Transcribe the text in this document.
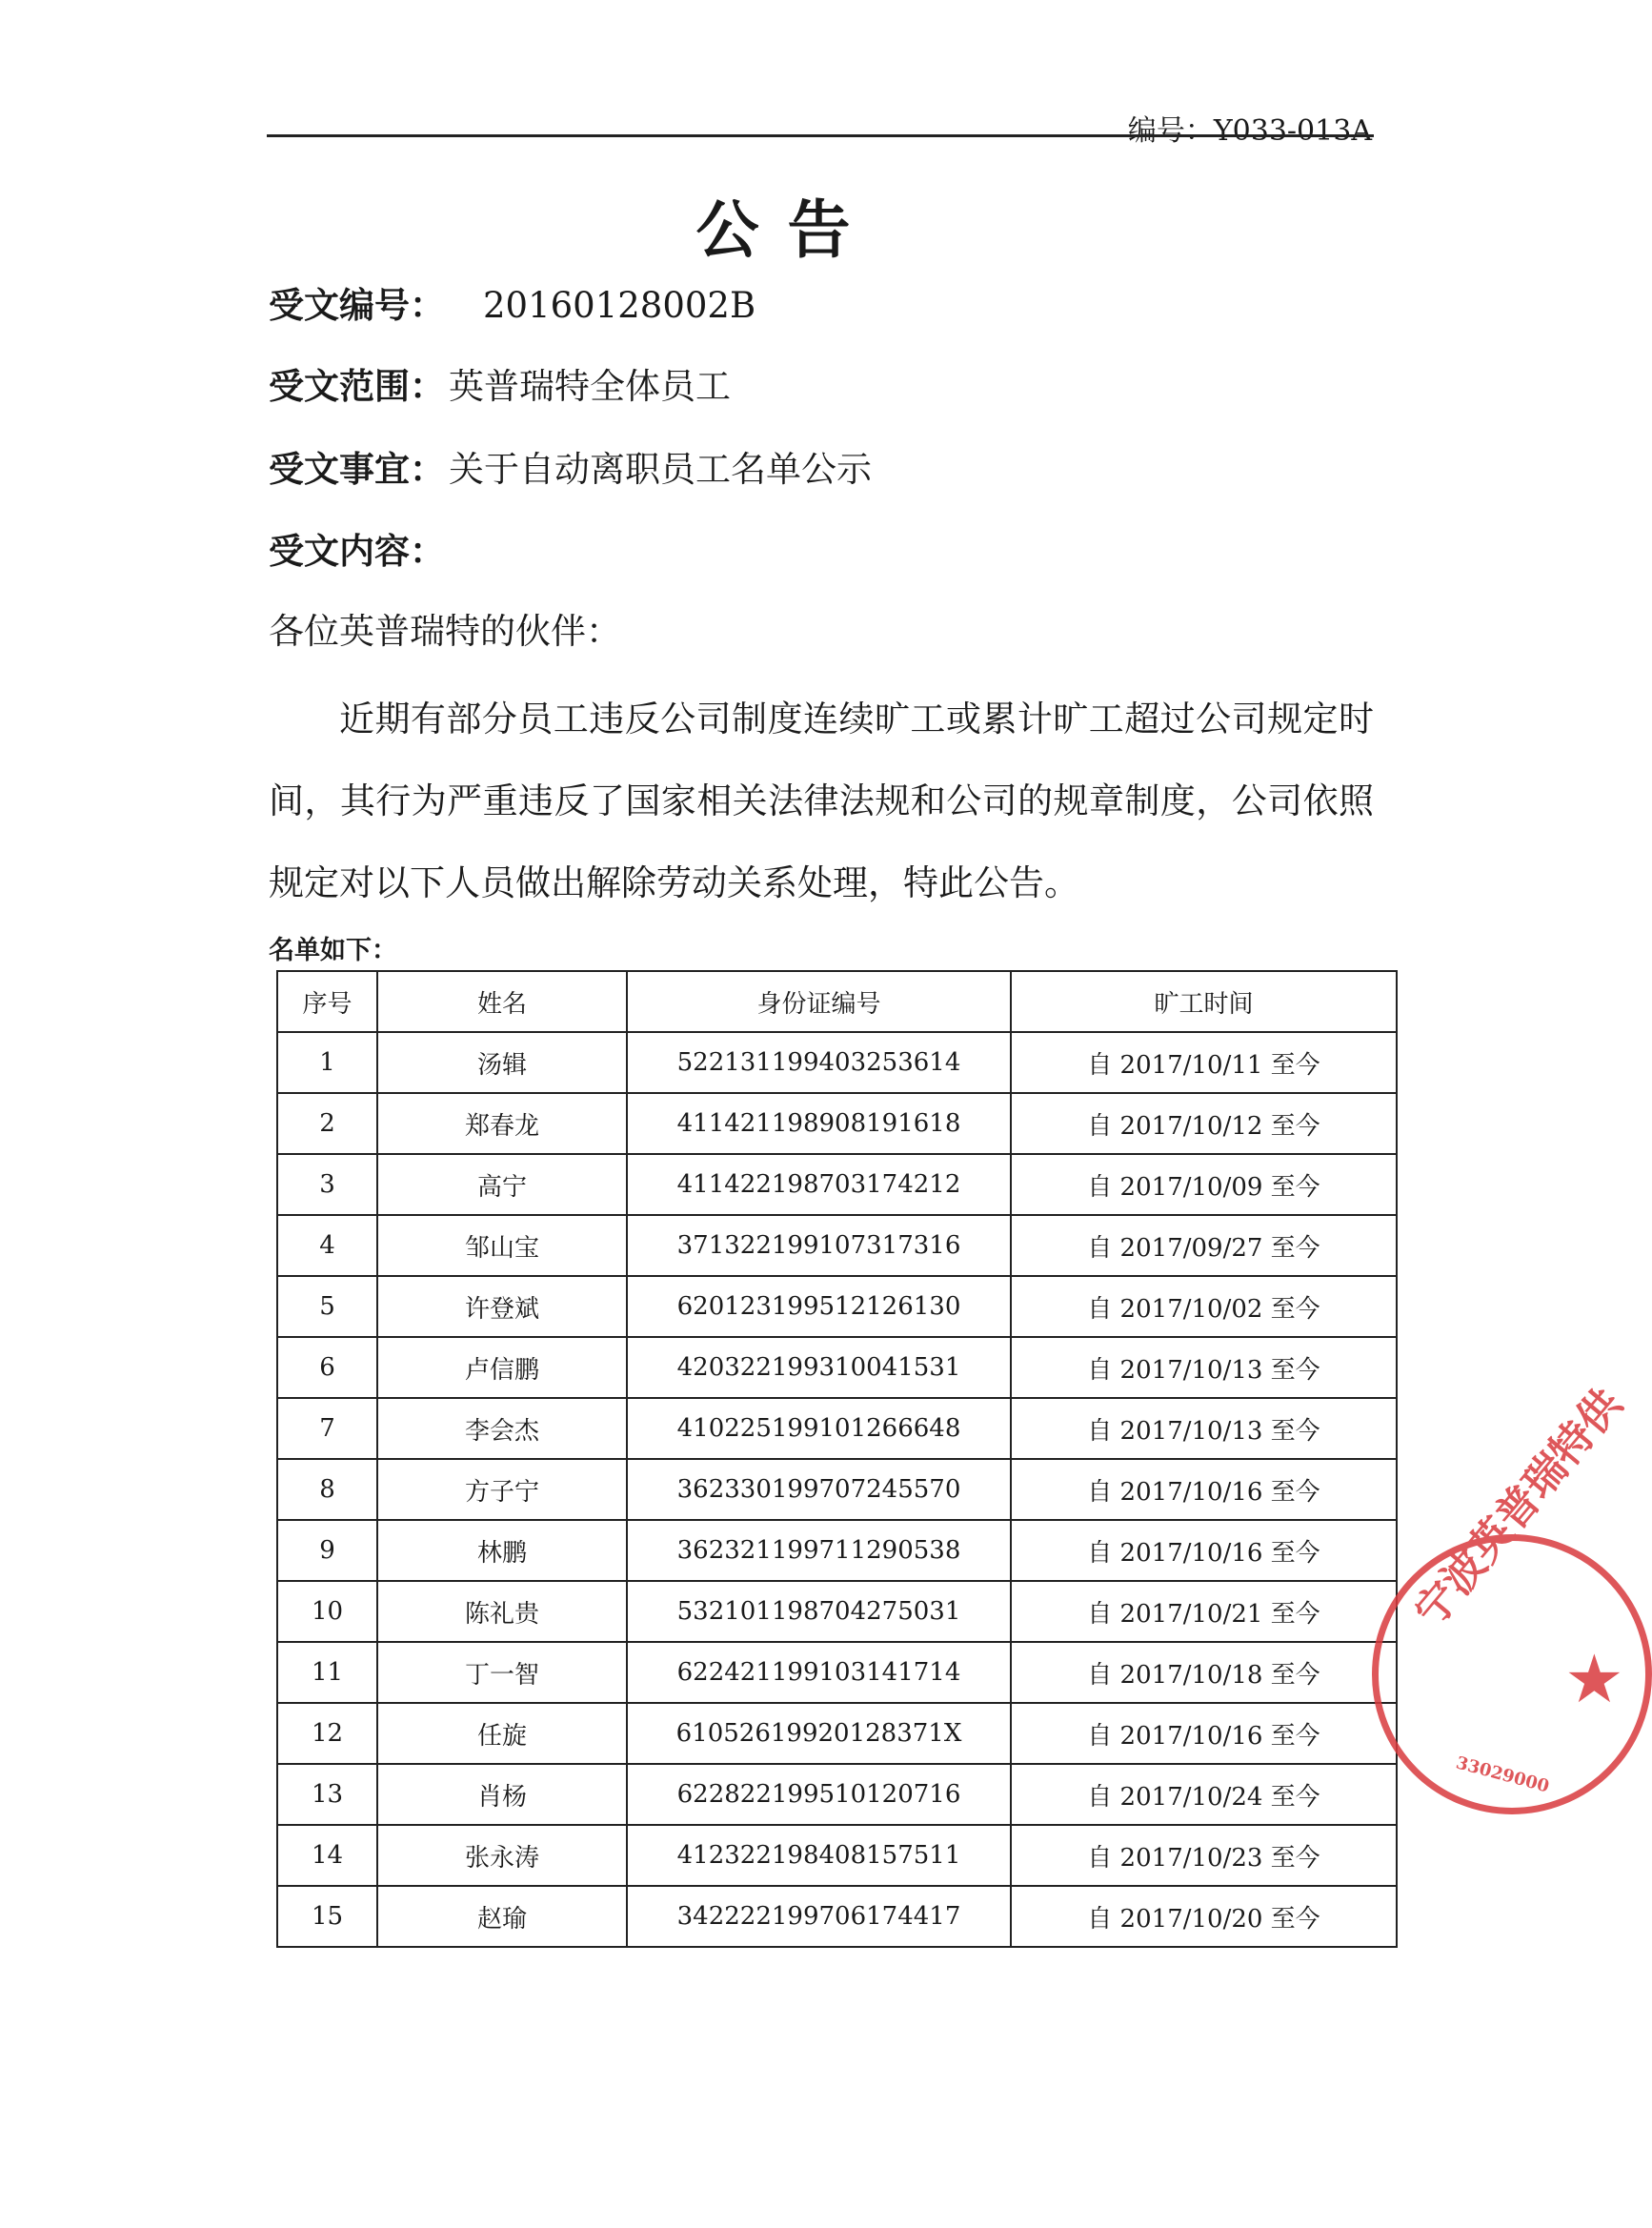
编号：Y033-013A
公告
受文编号： 20160128002B
受文范围： 英普瑞特全体员工
受文事宜： 关于自动离职员工名单公示
受文内容：
各位英普瑞特的伙伴：
近期有部分员工违反公司制度连续旷工或累计旷工超过公司规定时间，其行为严重违反了国家相关法律法规和公司的规章制度，公司依照规定对以下人员做出解除劳动关系处理，特此公告。
名单如下：
序号	姓名	身份证编号	旷工时间
1	汤辑	522131199403253614	自 2017/10/11 至今
2	郑春龙	411421198908191618	自 2017/10/12 至今
3	高宁	411422198703174212	自 2017/10/09 至今
4	邹山宝	371322199107317316	自 2017/09/27 至今
5	许登斌	620123199512126130	自 2017/10/02 至今
6	卢信鹏	420322199310041531	自 2017/10/13 至今
7	李会杰	410225199101266648	自 2017/10/13 至今
8	方子宁	362330199707245570	自 2017/10/16 至今
9	林鹏	362321199711290538	自 2017/10/16 至今
10	陈礼贵	532101198704275031	自 2017/10/21 至今
11	丁一智	622421199103141714	自 2017/10/18 至今
12	任旋	61052619920128371X	自 2017/10/16 至今
13	肖杨	622822199510120716	自 2017/10/24 至今
14	张永涛	412322198408157511	自 2017/10/23 至今
15	赵瑜	342222199706174417	自 2017/10/20 至今
宁波英普瑞特供
★
33029000
